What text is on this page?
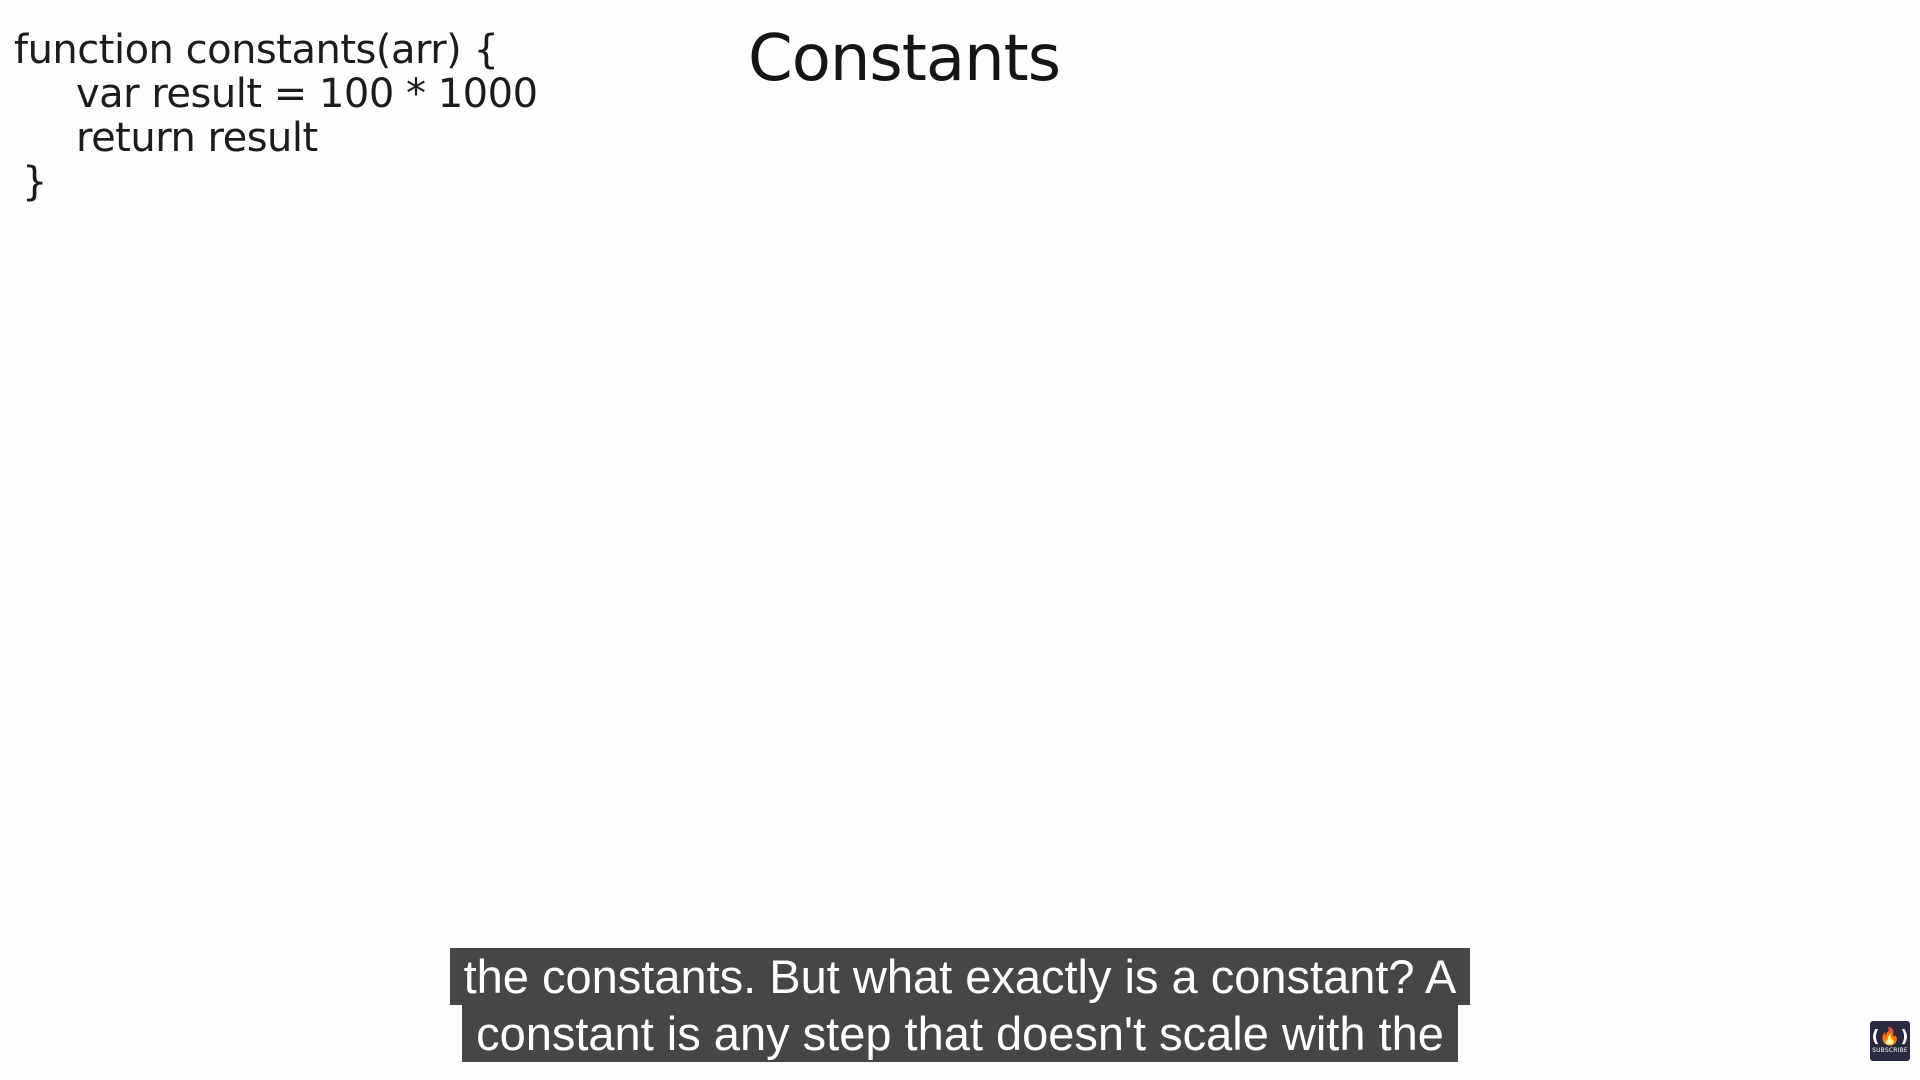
function constants(arr) {
var result = 100 * 1000
return result
}
Constants
the constants. But what exactly is a constant? A
constant is any step that doesn't scale with the	(🔥)
SUBSCRIBE
